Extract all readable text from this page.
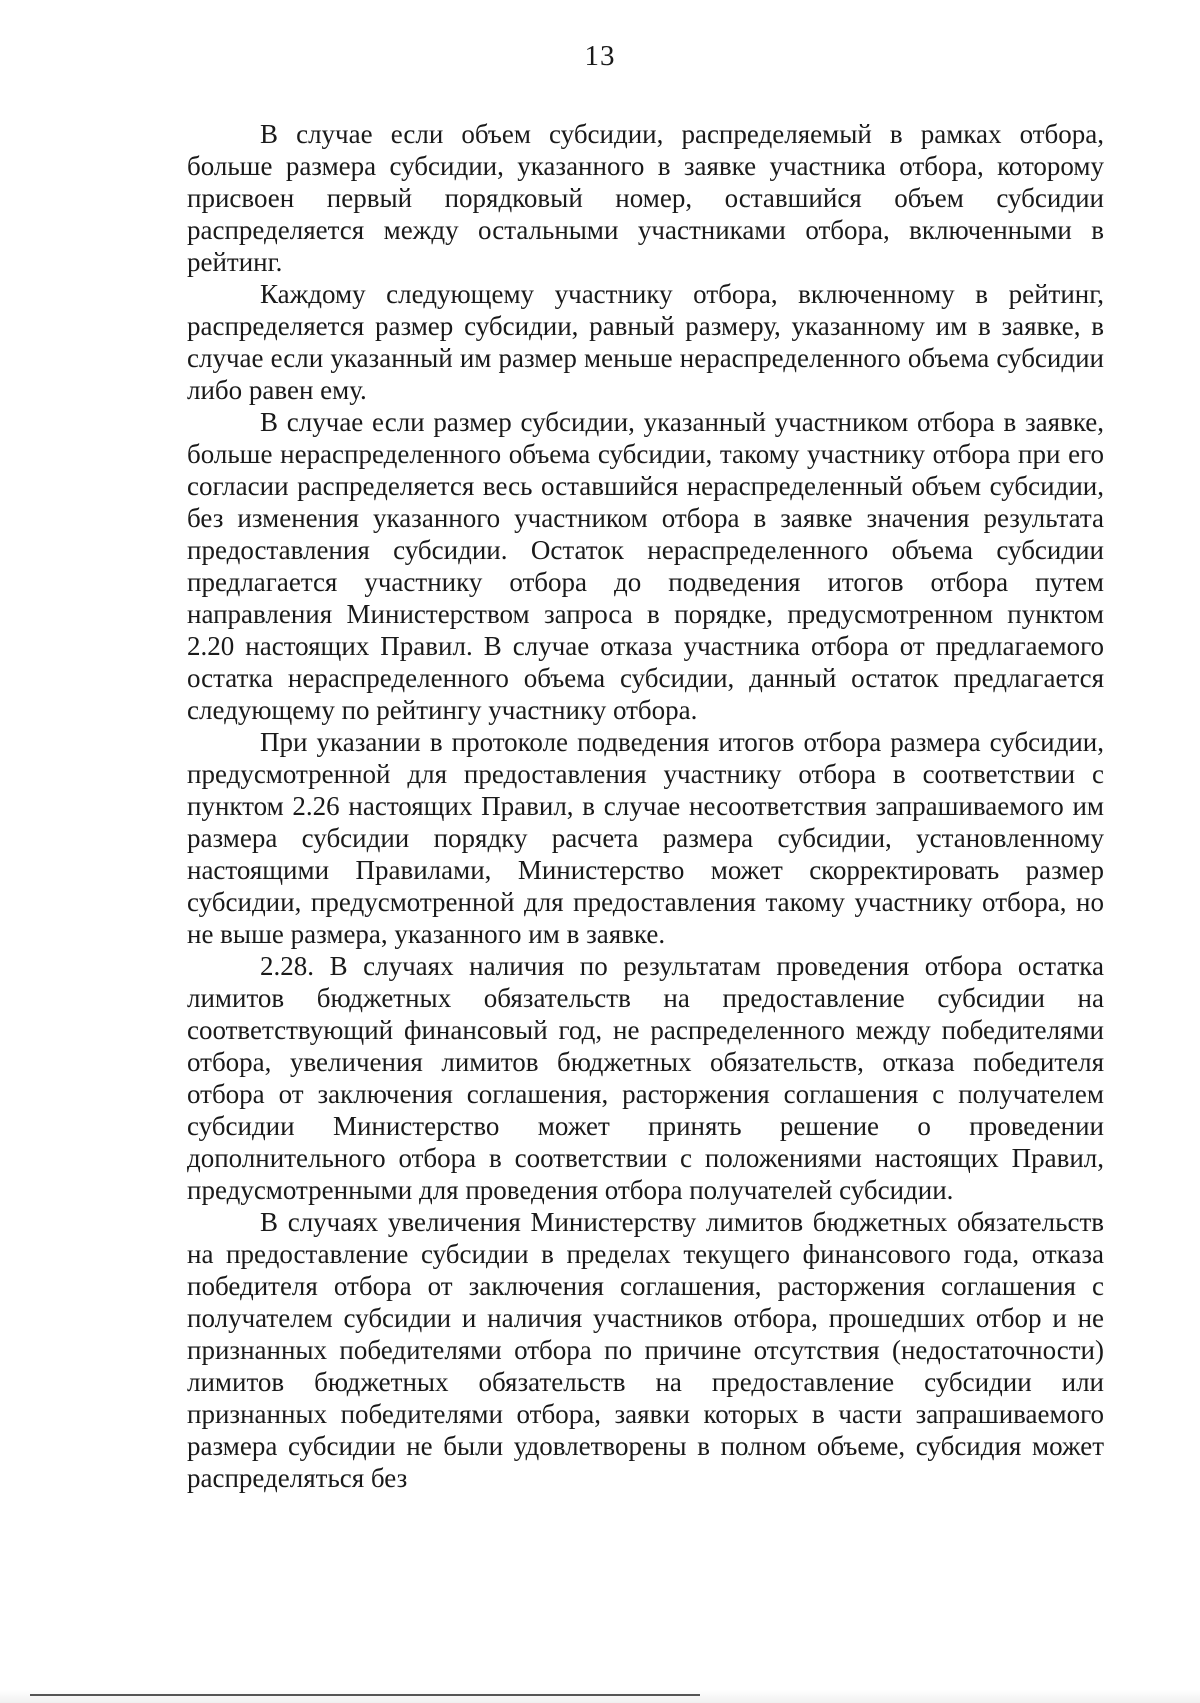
13

В случае если объем субсидии, распределяемый в рамках отбора, больше размера субсидии, указанного в заявке участника отбора, которому присвоен первый порядковый номер, оставшийся объем субсидии распределяется между остальными участниками отбора, включенными в рейтинг.

Каждому следующему участнику отбора, включенному в рейтинг, распределяется размер субсидии, равный размеру, указанному им в заявке, в случае если указанный им размер меньше нераспределенного объема субсидии либо равен ему.

В случае если размер субсидии, указанный участником отбора в заявке, больше нераспределенного объема субсидии, такому участнику отбора при его согласии распределяется весь оставшийся нераспределенный объем субсидии, без изменения указанного участником отбора в заявке значения результата предоставления субсидии. Остаток нераспределенного объема субсидии предлагается участнику отбора до подведения итогов отбора путем направления Министерством запроса в порядке, предусмотренном пунктом 2.20 настоящих Правил. В случае отказа участника отбора от предлагаемого остатка нераспределенного объема субсидии, данный остаток предлагается следующему по рейтингу участнику отбора.

При указании в протоколе подведения итогов отбора размера субсидии, предусмотренной для предоставления участнику отбора в соответствии с пунктом 2.26 настоящих Правил, в случае несоответствия запрашиваемого им размера субсидии порядку расчета размера субсидии, установленному настоящими Правилами, Министерство может скорректировать размер субсидии, предусмотренной для предоставления такому участнику отбора, но не выше размера, указанного им в заявке.

2.28. В случаях наличия по результатам проведения отбора остатка лимитов бюджетных обязательств на предоставление субсидии на соответствующий финансовый год, не распределенного между победителями отбора, увеличения лимитов бюджетных обязательств, отказа победителя отбора от заключения соглашения, расторжения соглашения с получателем субсидии Министерство может принять решение о проведении дополнительного отбора в соответствии с положениями настоящих Правил, предусмотренными для проведения отбора получателей субсидии.

В случаях увеличения Министерству лимитов бюджетных обязательств на предоставление субсидии в пределах текущего финансового года, отказа победителя отбора от заключения соглашения, расторжения соглашения с получателем субсидии и наличия участников отбора, прошедших отбор и не признанных победителями отбора по причине отсутствия (недостаточности) лимитов бюджетных обязательств на предоставление субсидии или признанных победителями отбора, заявки которых в части запрашиваемого размера субсидии не были удовлетворены в полном объеме, субсидия может распределяться без
